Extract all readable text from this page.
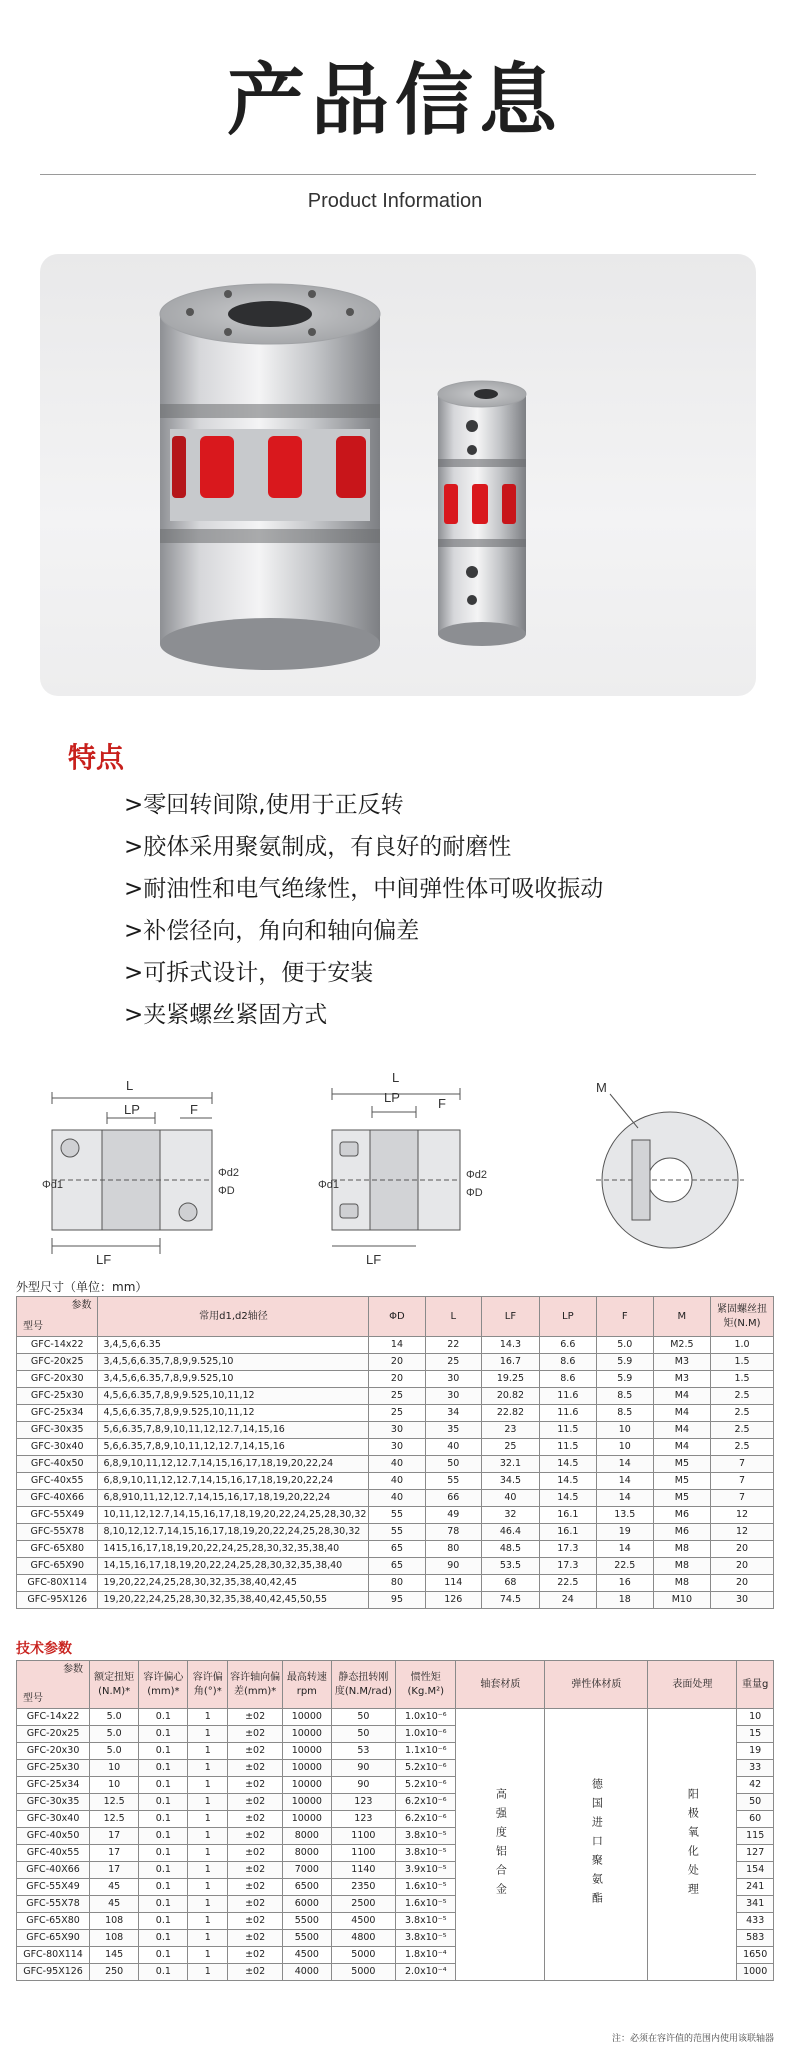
产品信息
Product Information
特点
>零回转间隙,使用于正反转
>胶体采用聚氨制成，有良好的耐磨性
>耐油性和电气绝缘性，中间弹性体可吸收振动
>补偿径向，角向和轴向偏差
>可拆式设计，便于安装
>夹紧螺丝紧固方式
L
LP	F
LF
Φd1
Φd2
ΦD
L
LP	F
LF
Φd1
Φd2
ΦD
M
外型尺寸（单位：mm）
参数
型号	常用d1,d2轴径	ΦD	L	LF	LP	F	M	紧固螺丝扭矩(N.M)
GFC-14x22	3,4,5,6,6.35	14	22	14.3	6.6	5.0	M2.5	1.0
GFC-20x25	3,4,5,6,6.35,7,8,9,9.525,10	20	25	16.7	8.6	5.9	M3	1.5
GFC-20x30	3,4,5,6,6.35,7,8,9,9.525,10	20	30	19.25	8.6	5.9	M3	1.5
GFC-25x30	4,5,6,6.35,7,8,9,9.525,10,11,12	25	30	20.82	11.6	8.5	M4	2.5
GFC-25x34	4,5,6,6.35,7,8,9,9.525,10,11,12	25	34	22.82	11.6	8.5	M4	2.5
GFC-30x35	5,6,6.35,7,8,9,10,11,12,12.7,14,15,16	30	35	23	11.5	10	M4	2.5
GFC-30x40	5,6,6.35,7,8,9,10,11,12,12.7,14,15,16	30	40	25	11.5	10	M4	2.5
GFC-40x50	6,8,9,10,11,12,12.7,14,15,16,17,18,19,20,22,24	40	50	32.1	14.5	14	M5	7
GFC-40x55	6,8,9,10,11,12,12.7,14,15,16,17,18,19,20,22,24	40	55	34.5	14.5	14	M5	7
GFC-40X66	6,8,910,11,12,12.7,14,15,16,17,18,19,20,22,24	40	66	40	14.5	14	M5	7
GFC-55X49	10,11,12,12.7,14,15,16,17,18,19,20,22,24,25,28,30,32	55	49	32	16.1	13.5	M6	12
GFC-55X78	8,10,12,12.7,14,15,16,17,18,19,20,22,24,25,28,30,32	55	78	46.4	16.1	19	M6	12
GFC-65X80	1415,16,17,18,19,20,22,24,25,28,30,32,35,38,40	65	80	48.5	17.3	14	M8	20
GFC-65X90	14,15,16,17,18,19,20,22,24,25,28,30,32,35,38,40	65	90	53.5	17.3	22.5	M8	20
GFC-80X114	19,20,22,24,25,28,30,32,35,38,40,42,45	80	114	68	22.5	16	M8	20
GFC-95X126	19,20,22,24,25,28,30,32,35,38,40,42,45,50,55	95	126	74.5	24	18	M10	30
技术参数
参数
型号	额定扭矩(N.M)*	容许偏心(mm)*	容许偏角(°)*	容许轴向偏差(mm)*	最高转速rpm	静态扭转刚度(N.M/rad)	惯性矩(Kg.M²)	轴套材质	弹性体材质	表面处理	重量g
GFC-14x22	5.0	0.1	1	±02	10000	50	1.0x10⁻⁶	高强度铝合金	德国进口聚氨酯	阳极氧化处理	10
GFC-20x25	5.0	0.1	1	±02	10000	50	1.0x10⁻⁶				15
GFC-20x30	5.0	0.1	1	±02	10000	53	1.1x10⁻⁶				19
GFC-25x30	10	0.1	1	±02	10000	90	5.2x10⁻⁶				33
GFC-25x34	10	0.1	1	±02	10000	90	5.2x10⁻⁶				42
GFC-30x35	12.5	0.1	1	±02	10000	123	6.2x10⁻⁶				50
GFC-30x40	12.5	0.1	1	±02	10000	123	6.2x10⁻⁶				60
GFC-40x50	17	0.1	1	±02	8000	1100	3.8x10⁻⁵				115
GFC-40x55	17	0.1	1	±02	8000	1100	3.8x10⁻⁵				127
GFC-40X66	17	0.1	1	±02	7000	1140	3.9x10⁻⁵				154
GFC-55X49	45	0.1	1	±02	6500	2350	1.6x10⁻⁵				241
GFC-55X78	45	0.1	1	±02	6000	2500	1.6x10⁻⁵				341
GFC-65X80	108	0.1	1	±02	5500	4500	3.8x10⁻⁵				433
GFC-65X90	108	0.1	1	±02	5500	4800	3.8x10⁻⁵				583
GFC-80X114	145	0.1	1	±02	4500	5000	1.8x10⁻⁴				1650
GFC-95X126	250	0.1	1	±02	4000	5000	2.0x10⁻⁴				1000
注：必须在容许值的范围内使用该联轴器
